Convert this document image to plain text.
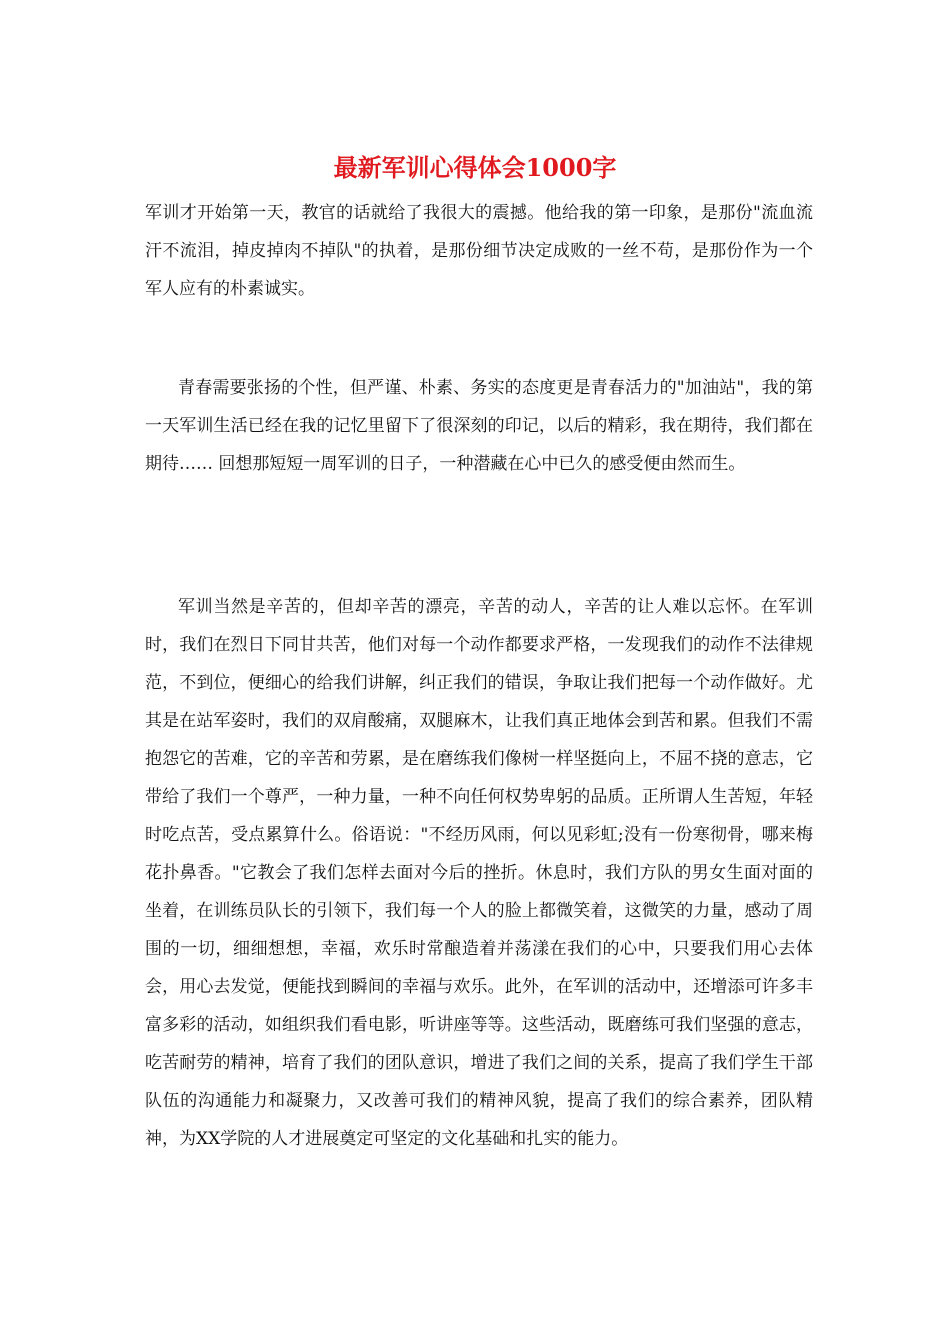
最新军训心得体会1000字

军训才开始第一天，教官的话就给了我很大的震撼。他给我的第一印象，是那份"流血流汗不流泪，掉皮掉肉不掉队"的执着，是那份细节决定成败的一丝不苟，是那份作为一个军人应有的朴素诚实。

青春需要张扬的个性，但严谨、朴素、务实的态度更是青春活力的"加油站"，我的第一天军训生活已经在我的记忆里留下了很深刻的印记，以后的精彩，我在期待，我们都在期待…… 回想那短短一周军训的日子，一种潜藏在心中已久的感受便由然而生。

军训当然是辛苦的，但却辛苦的漂亮，辛苦的动人，辛苦的让人难以忘怀。在军训时，我们在烈日下同甘共苦，他们对每一个动作都要求严格，一发现我们的动作不法律规范，不到位，便细心的给我们讲解，纠正我们的错误，争取让我们把每一个动作做好。尤其是在站军姿时，我们的双肩酸痛，双腿麻木，让我们真正地体会到苦和累。但我们不需抱怨它的苦难，它的辛苦和劳累，是在磨练我们像树一样坚挺向上，不屈不挠的意志，它带给了我们一个尊严，一种力量，一种不向任何权势卑躬的品质。正所谓人生苦短，年轻时吃点苦，受点累算什么。俗语说："不经历风雨，何以见彩虹;没有一份寒彻骨，哪来梅花扑鼻香。"它教会了我们怎样去面对今后的挫折。休息时，我们方队的男女生面对面的坐着，在训练员队长的引领下，我们每一个人的脸上都微笑着，这微笑的力量，感动了周围的一切，细细想想，幸福，欢乐时常酿造着并荡漾在我们的心中，只要我们用心去体会，用心去发觉，便能找到瞬间的幸福与欢乐。此外，在军训的活动中，还增添可许多丰富多彩的活动，如组织我们看电影，听讲座等等。这些活动，既磨练可我们坚强的意志，吃苦耐劳的精神，培育了我们的团队意识，增进了我们之间的关系，提高了我们学生干部队伍的沟通能力和凝聚力，又改善可我们的精神风貌，提高了我们的综合素养，团队精神，为XX学院的人才进展奠定可坚定的文化基础和扎实的能力。
